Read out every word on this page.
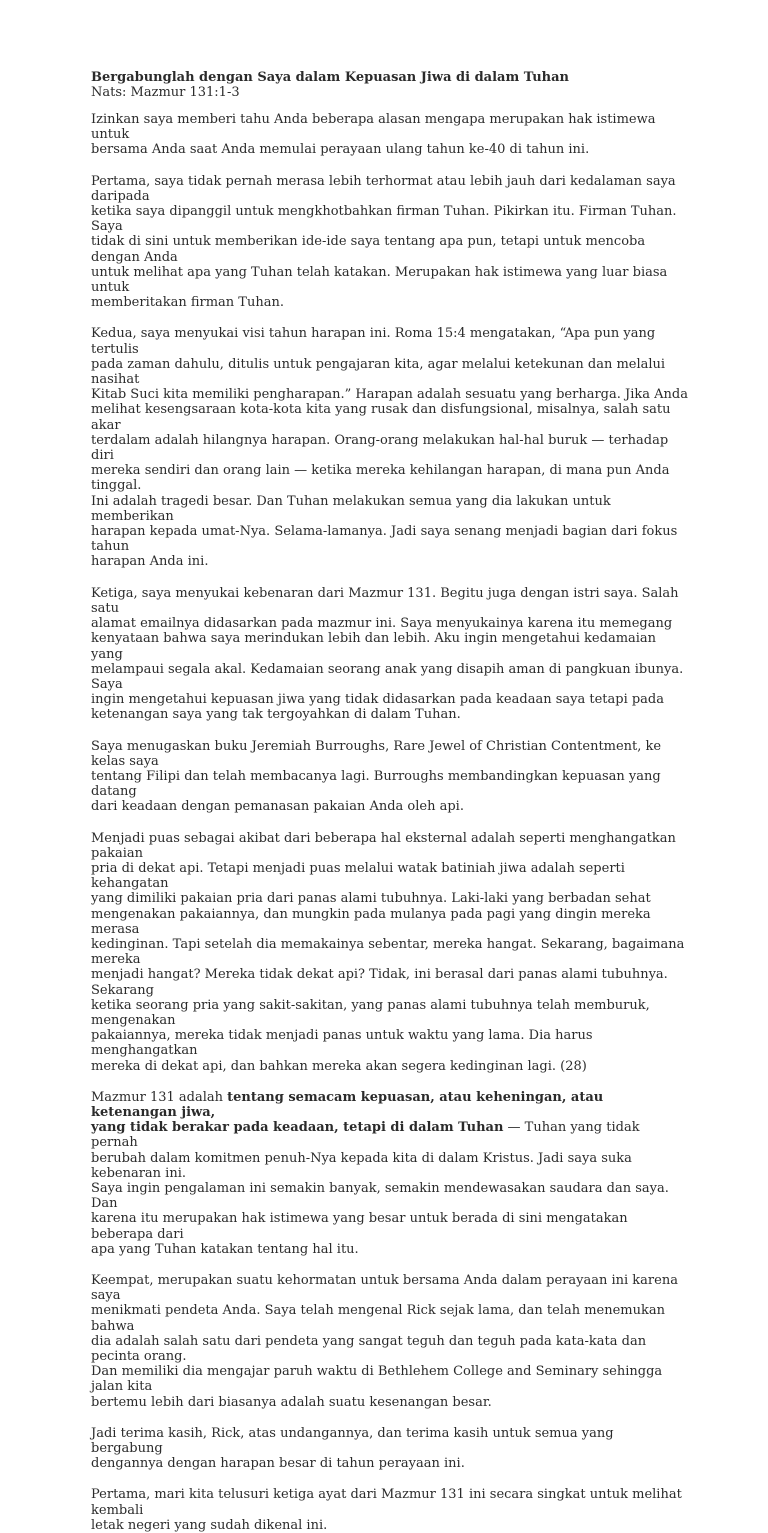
Bergabunglah dengan Saya dalam Kepuasan Jiwa di dalam Tuhan

Nats: Mazmur 131:1-3

Izinkan saya memberi tahu Anda beberapa alasan mengapa merupakan hak istimewa untuk
bersama Anda saat Anda memulai perayaan ulang tahun ke-40 di tahun ini.

Pertama, saya tidak pernah merasa lebih terhormat atau lebih jauh dari kedalaman saya daripada
ketika saya dipanggil untuk mengkhotbahkan firman Tuhan. Pikirkan itu. Firman Tuhan. Saya
tidak di sini untuk memberikan ide-ide saya tentang apa pun, tetapi untuk mencoba dengan Anda
untuk melihat apa yang Tuhan telah katakan. Merupakan hak istimewa yang luar biasa untuk
memberitakan firman Tuhan.

Kedua, saya menyukai visi tahun harapan ini. Roma 15:4 mengatakan, “Apa pun yang tertulis
pada zaman dahulu, ditulis untuk pengajaran kita, agar melalui ketekunan dan melalui nasihat
Kitab Suci kita memiliki pengharapan.” Harapan adalah sesuatu yang berharga. Jika Anda
melihat kesengsaraan kota-kota kita yang rusak dan disfungsional, misalnya, salah satu akar
terdalam adalah hilangnya harapan. Orang-orang melakukan hal-hal buruk — terhadap diri
mereka sendiri dan orang lain — ketika mereka kehilangan harapan, di mana pun Anda tinggal.
Ini adalah tragedi besar. Dan Tuhan melakukan semua yang dia lakukan untuk memberikan
harapan kepada umat-Nya. Selama-lamanya. Jadi saya senang menjadi bagian dari fokus tahun
harapan Anda ini.

Ketiga, saya menyukai kebenaran dari Mazmur 131. Begitu juga dengan istri saya. Salah satu
alamat emailnya didasarkan pada mazmur ini. Saya menyukainya karena itu memegang
kenyataan bahwa saya merindukan lebih dan lebih. Aku ingin mengetahui kedamaian yang
melampaui segala akal. Kedamaian seorang anak yang disapih aman di pangkuan ibunya. Saya
ingin mengetahui kepuasan jiwa yang tidak didasarkan pada keadaan saya tetapi pada
ketenangan saya yang tak tergoyahkan di dalam Tuhan.

Saya menugaskan buku Jeremiah Burroughs, Rare Jewel of Christian Contentment, ke kelas saya
tentang Filipi dan telah membacanya lagi. Burroughs membandingkan kepuasan yang datang
dari keadaan dengan pemanasan pakaian Anda oleh api.

Menjadi puas sebagai akibat dari beberapa hal eksternal adalah seperti menghangatkan pakaian
pria di dekat api. Tetapi menjadi puas melalui watak batiniah jiwa adalah seperti kehangatan
yang dimiliki pakaian pria dari panas alami tubuhnya. Laki-laki yang berbadan sehat
mengenakan pakaiannya, dan mungkin pada mulanya pada pagi yang dingin mereka merasa
kedinginan. Tapi setelah dia memakainya sebentar, mereka hangat. Sekarang, bagaimana mereka
menjadi hangat? Mereka tidak dekat api? Tidak, ini berasal dari panas alami tubuhnya. Sekarang
ketika seorang pria yang sakit-sakitan, yang panas alami tubuhnya telah memburuk, mengenakan
pakaiannya, mereka tidak menjadi panas untuk waktu yang lama. Dia harus menghangatkan
mereka di dekat api, dan bahkan mereka akan segera kedinginan lagi. (28)

Mazmur 131 adalah tentang semacam kepuasan, atau keheningan, atau ketenangan jiwa,
yang tidak berakar pada keadaan, tetapi di dalam Tuhan — Tuhan yang tidak pernah
berubah dalam komitmen penuh-Nya kepada kita di dalam Kristus. Jadi saya suka kebenaran ini.
Saya ingin pengalaman ini semakin banyak, semakin mendewasakan saudara dan saya. Dan
karena itu merupakan hak istimewa yang besar untuk berada di sini mengatakan beberapa dari
apa yang Tuhan katakan tentang hal itu.

Keempat, merupakan suatu kehormatan untuk bersama Anda dalam perayaan ini karena saya
menikmati pendeta Anda. Saya telah mengenal Rick sejak lama, dan telah menemukan bahwa
dia adalah salah satu dari pendeta yang sangat teguh dan teguh pada kata-kata dan pecinta orang.
Dan memiliki dia mengajar paruh waktu di Bethlehem College and Seminary sehingga jalan kita
bertemu lebih dari biasanya adalah suatu kesenangan besar.

Jadi terima kasih, Rick, atas undangannya, dan terima kasih untuk semua yang bergabung
dengannya dengan harapan besar di tahun perayaan ini.

Pertama, mari kita telusuri ketiga ayat dari Mazmur 131 ini secara singkat untuk melihat kembali
letak negeri yang sudah dikenal ini.
